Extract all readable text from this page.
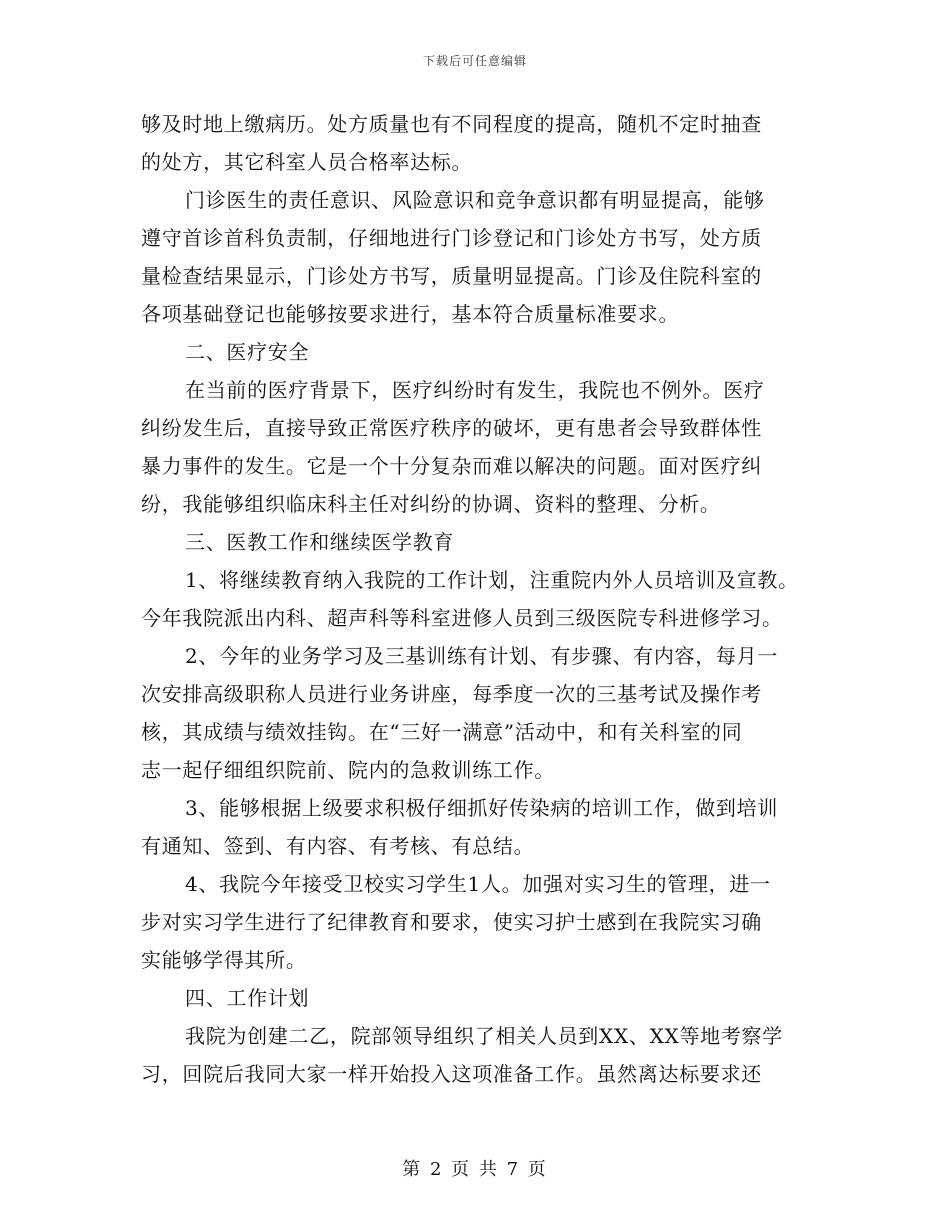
下载后可任意编辑
够及时地上缴病历。处方质量也有不同程度的提高，随机不定时抽查
的处方，其它科室人员合格率达标。
门诊医生的责任意识、风险意识和竞争意识都有明显提高，能够
遵守首诊首科负责制，仔细地进行门诊登记和门诊处方书写，处方质
量检查结果显示，门诊处方书写，质量明显提高。门诊及住院科室的
各项基础登记也能够按要求进行，基本符合质量标准要求。
二、医疗安全
在当前的医疗背景下，医疗纠纷时有发生，我院也不例外。医疗
纠纷发生后，直接导致正常医疗秩序的破坏，更有患者会导致群体性
暴力事件的发生。它是一个十分复杂而难以解决的问题。面对医疗纠
纷，我能够组织临床科主任对纠纷的协调、资料的整理、分析。
三、医教工作和继续医学教育
1、将继续教育纳入我院的工作计划，注重院内外人员培训及宣教。
今年我院派出内科、超声科等科室进修人员到三级医院专科进修学习。
2、今年的业务学习及三基训练有计划、有步骤、有内容，每月一
次安排高级职称人员进行业务讲座，每季度一次的三基考试及操作考
核，其成绩与绩效挂钩。在“三好一满意”活动中，和有关科室的同
志一起仔细组织院前、院内的急救训练工作。
3、能够根据上级要求积极仔细抓好传染病的培训工作，做到培训
有通知、签到、有内容、有考核、有总结。
4、我院今年接受卫校实习学生1人。加强对实习生的管理，进一
步对实习学生进行了纪律教育和要求，使实习护士感到在我院实习确
实能够学得其所。
四、工作计划
我院为创建二乙，院部领导组织了相关人员到XX、XX等地考察学
习，回院后我同大家一样开始投入这项准备工作。虽然离达标要求还
第 2 页 共 7 页
